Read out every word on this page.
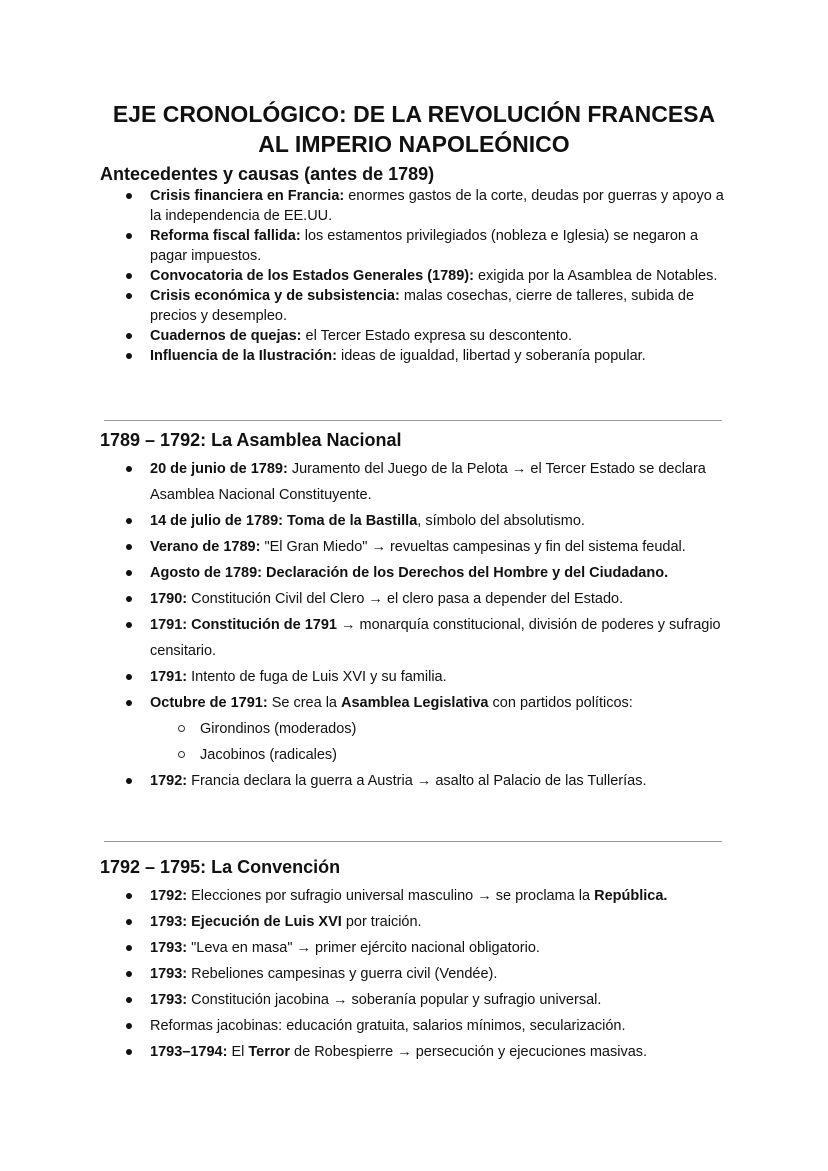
EJE CRONOLÓGICO: DE LA REVOLUCIÓN FRANCESA
AL IMPERIO NAPOLEÓNICO
Antecedentes y causas (antes de 1789)
Crisis financiera en Francia: enormes gastos de la corte, deudas por guerras y apoyo a la independencia de EE.UU.
Reforma fiscal fallida: los estamentos privilegiados (nobleza e Iglesia) se negaron a pagar impuestos.
Convocatoria de los Estados Generales (1789): exigida por la Asamblea de Notables.
Crisis económica y de subsistencia: malas cosechas, cierre de talleres, subida de precios y desempleo.
Cuadernos de quejas: el Tercer Estado expresa su descontento.
Influencia de la Ilustración: ideas de igualdad, libertad y soberanía popular.
1789 – 1792: La Asamblea Nacional
20 de junio de 1789: Juramento del Juego de la Pelota → el Tercer Estado se declara Asamblea Nacional Constituyente.
14 de julio de 1789: Toma de la Bastilla, símbolo del absolutismo.
Verano de 1789: "El Gran Miedo" → revueltas campesinas y fin del sistema feudal.
Agosto de 1789: Declaración de los Derechos del Hombre y del Ciudadano.
1790: Constitución Civil del Clero → el clero pasa a depender del Estado.
1791: Constitución de 1791 → monarquía constitucional, división de poderes y sufragio censitario.
1791: Intento de fuga de Luis XVI y su familia.
Octubre de 1791: Se crea la Asamblea Legislativa con partidos políticos:
Girondinos (moderados)
Jacobinos (radicales)
1792: Francia declara la guerra a Austria → asalto al Palacio de las Tullerías.
1792 – 1795: La Convención
1792: Elecciones por sufragio universal masculino → se proclama la República.
1793: Ejecución de Luis XVI por traición.
1793: "Leva en masa" → primer ejército nacional obligatorio.
1793: Rebeliones campesinas y guerra civil (Vendée).
1793: Constitución jacobina → soberanía popular y sufragio universal.
Reformas jacobinas: educación gratuita, salarios mínimos, secularización.
1793–1794: El Terror de Robespierre → persecución y ejecuciones masivas.
